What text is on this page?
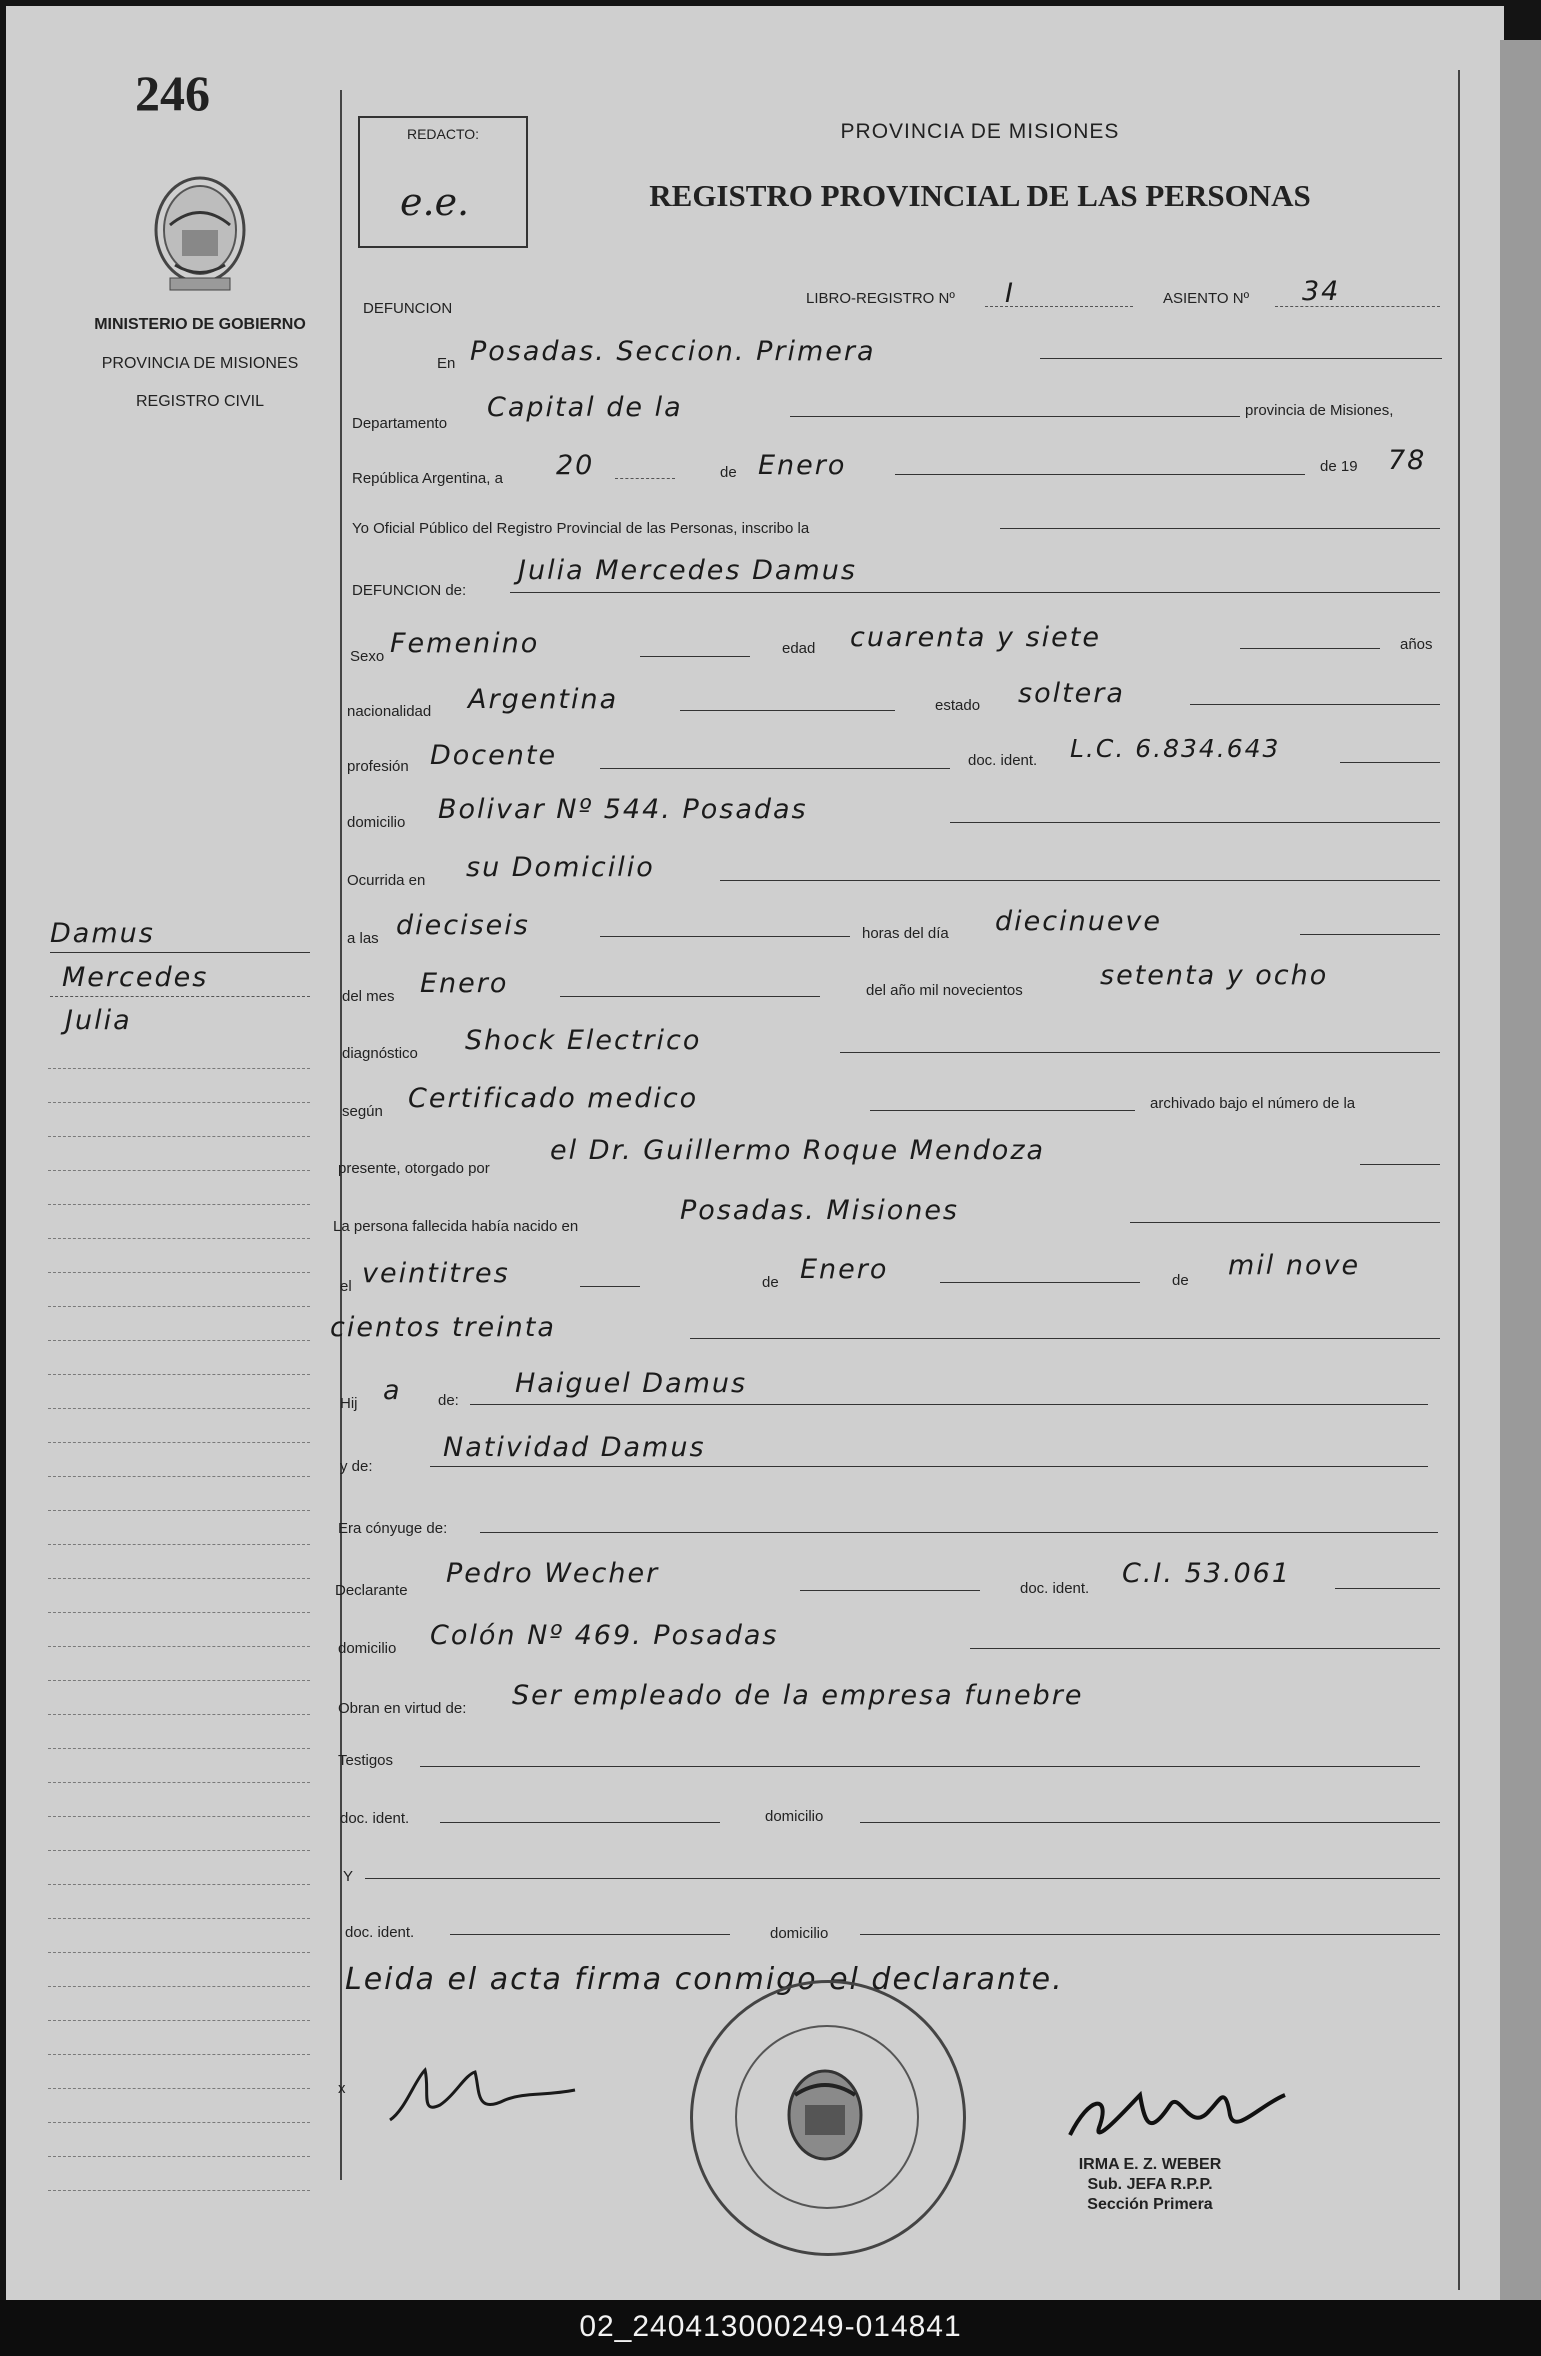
246
MINISTERIO DE GOBIERNO
PROVINCIA DE MISIONES
REGISTRO CIVIL
Damus
Mercedes
Julia
REDACTO:
e.e.
PROVINCIA DE MISIONES
REGISTRO PROVINCIAL DE LAS PERSONAS
DEFUNCION
LIBRO-REGISTRO Nº I	ASIENTO Nº 34
En Posadas. Seccion. Primera
Departamento
Capital de la	provincia de Misiones,
República Argentina, a 20	de Enero	de 19 78
Yo Oficial Público del Registro Provincial de las Personas, inscribo la
DEFUNCION de:
Julia Mercedes Damus
Sexo Femenino	edad cuarenta y siete	años
nacionalidad Argentina	estado soltera
profesión Docente	doc. ident. L.C. 6.834.643
domicilio Bolivar Nº 544. Posadas
Ocurrida en su Domicilio
a las dieciseis	horas del día diecinueve
del mes Enero	del año mil novecientos	setenta y ocho
diagnóstico Shock Electrico
según Certificado medico	archivado bajo el número de la
presente, otorgado por
el Dr. Guillermo Roque Mendoza
La persona fallecida había nacido en
Posadas. Misiones
el veintitres	de Enero	de mil nove
cientos treinta
Hij a de:
Haiguel Damus
y de:
Natividad Damus
Era cónyuge de:
Declarante
Pedro Wecher	doc. ident. C.I. 53.061
domicilio Colón Nº 469. Posadas
Obran en virtud de: Ser empleado de la empresa funebre
Testigos
doc. ident.	domicilio
Y
doc. ident.	domicilio
Leida el acta firma conmigo el declarante.
x
IRMA E. Z. WEBER
Sub. JEFA R.P.P.
Sección Primera
02_240413000249-014841
